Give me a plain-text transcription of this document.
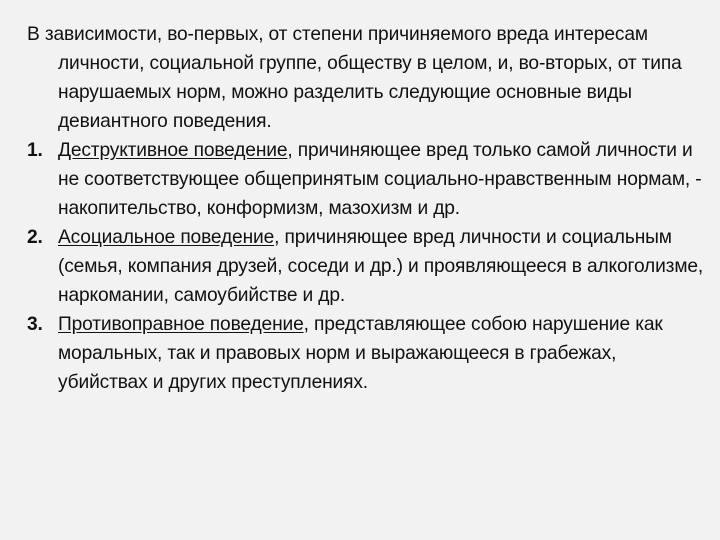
В зависимости, во-первых, от степени причиняемого вреда интересам личности, социальной группе, обществу в целом, и, во-вторых, от типа нарушаемых норм, можно разделить следующие основные виды девиантного поведения.

1. Деструктивное поведение, причиняющее вред только самой личности и не соответствующее общепринятым социально-нравственным нормам, - накопительство, конформизм, мазохизм и др.
2. Асоциальное поведение, причиняющее вред личности и социальным (семья, компания друзей, соседи и др.) и проявляющееся в алкоголизме, наркомании, самоубийстве и др.
3. Противоправное поведение, представляющее собою нарушение как моральных, так и правовых норм и выражающееся в грабежах, убийствах и других преступлениях.
